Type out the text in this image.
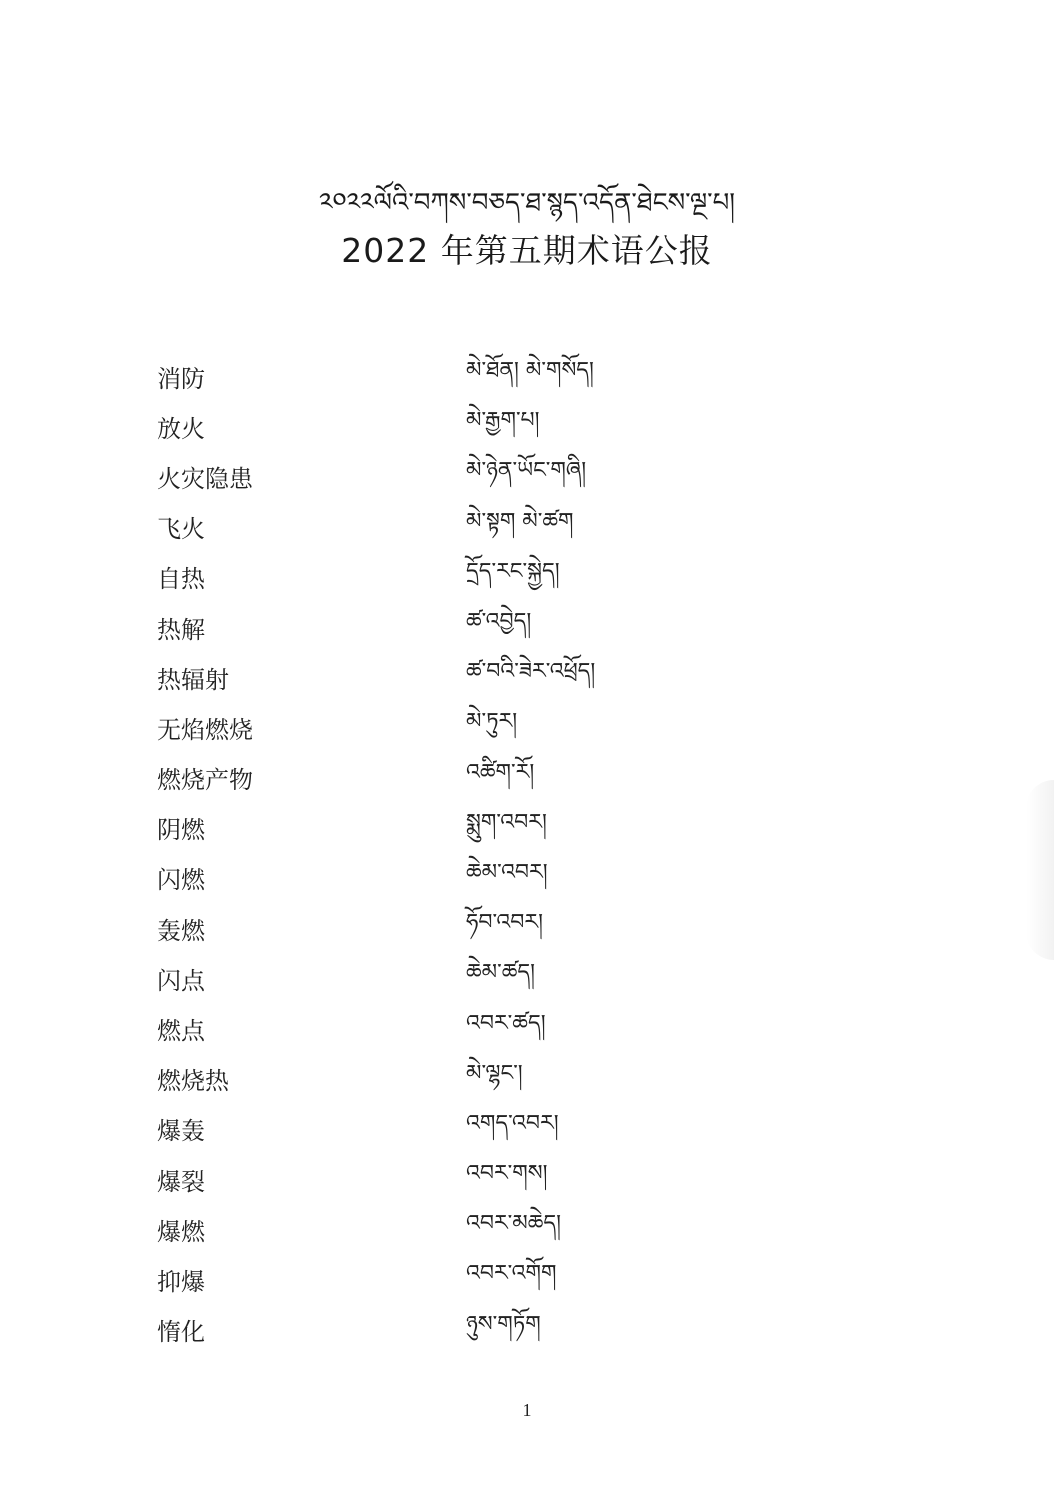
༢༠༢༢ལོའི་བཀས་བཅད་ཐ་སྙད་འདོན་ཐེངས་ལྔ་པ།
2022 年第五期术语公报
消防	མེ་ཐོན། མེ་གསོད།
放火	མེ་རྒྱག་པ།
火灾隐患	མེ་ཉེན་ཡོང་གཞི།
飞火	མེ་སྟག མེ་ཚག
自热	དྲོད་རང་སྐྱེད།
热解	ཚ་འབྱེད།
热辐射	ཚ་བའི་ཟེར་འཕྲོད།
无焰燃烧	མེ་ཏུར།
燃烧产物	འཚིག་རོ།
阴燃	སྨུག་འབར།
闪燃	ཆེམ་འབར།
轰燃	ཧོབ་འབར།
闪点	ཆེམ་ཚད།
燃点	འབར་ཚད།
燃烧热	མེ་ལྷང་།
爆轰	འགད་འབར།
爆裂	འབར་གས།
爆燃	འབར་མཆེད།
抑爆	འབར་འགོག
惰化	ཉུས་གཏོག
1
